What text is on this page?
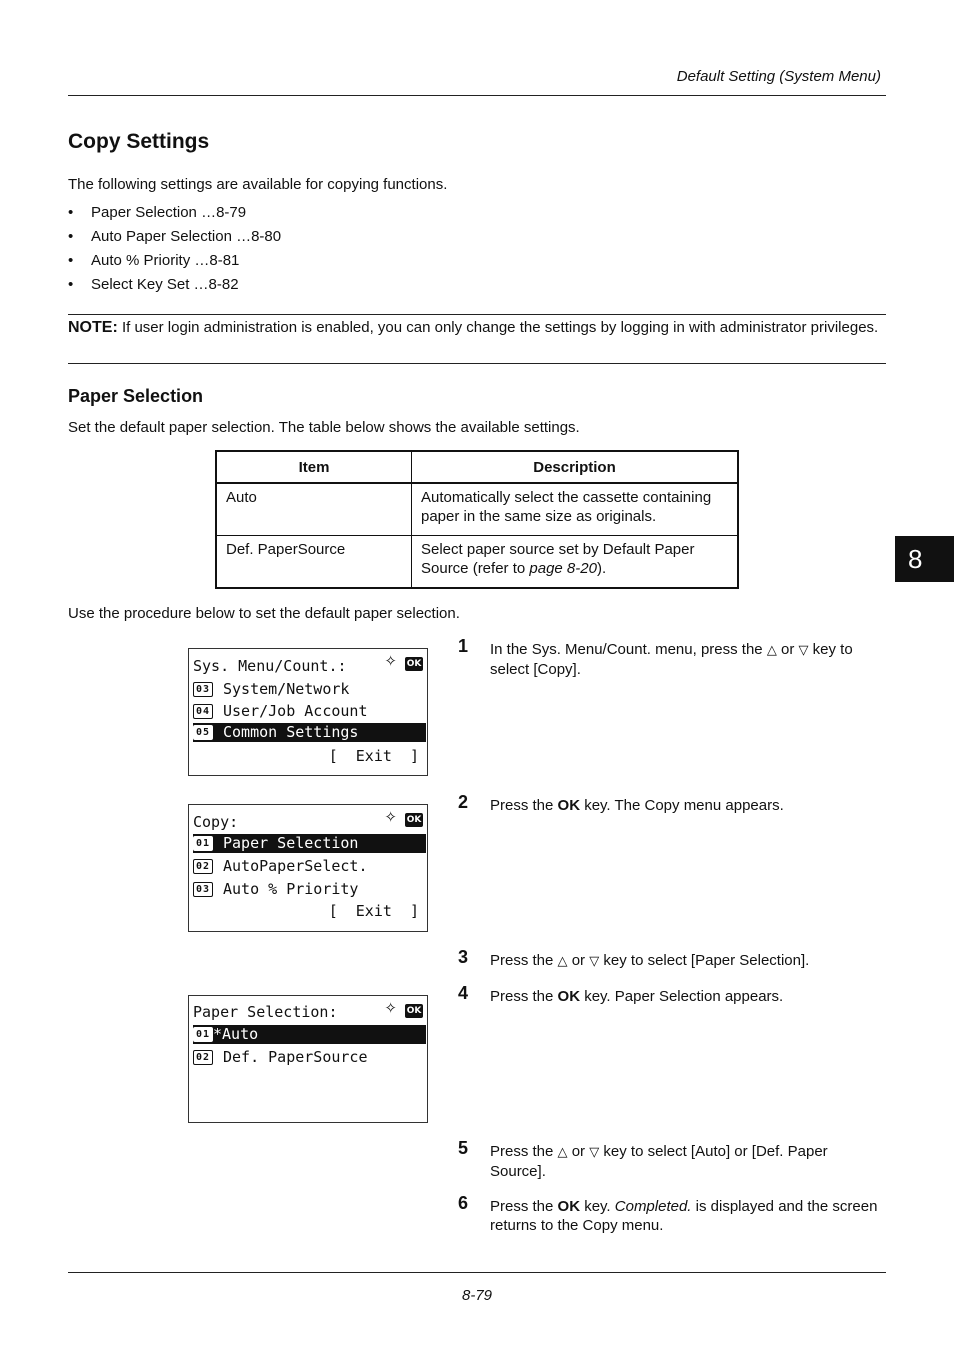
Default Setting (System Menu)
Copy Settings
The following settings are available for copying functions.
• Paper Selection …8-79
• Auto Paper Selection …8-80
• Auto % Priority …8-81
• Select Key Set …8-82
NOTE: If user login administration is enabled, you can only change the settings by logging in with administrator privileges.
Paper Selection
Set the default paper selection. The table below shows the available settings.
Item	Description
Auto	Automatically select the cassette containing paper in the same size as originals.
Def. PaperSource	Select paper source set by Default Paper Source (refer to page 8-20).	8
Use the procedure below to set the default paper selection.
Sys. Menu/Count.:	✧ OK
03 System/Network
04 User/Job Account
05 Common Settings
[  Exit  ]
Copy:	✧ OK
01 Paper Selection
02 AutoPaperSelect.
03 Auto % Priority
[  Exit  ]
Paper Selection:	✧ OK
01 *Auto
02 Def. PaperSource
1 In the Sys. Menu/Count. menu, press the △ or ▽ key to select [Copy].
2 Press the OK key. The Copy menu appears.
3 Press the △ or ▽ key to select [Paper Selection].
4 Press the OK key. Paper Selection appears.
5 Press the △ or ▽ key to select [Auto] or [Def. Paper Source].
6 Press the OK key. Completed. is displayed and the screen returns to the Copy menu.
8-79
